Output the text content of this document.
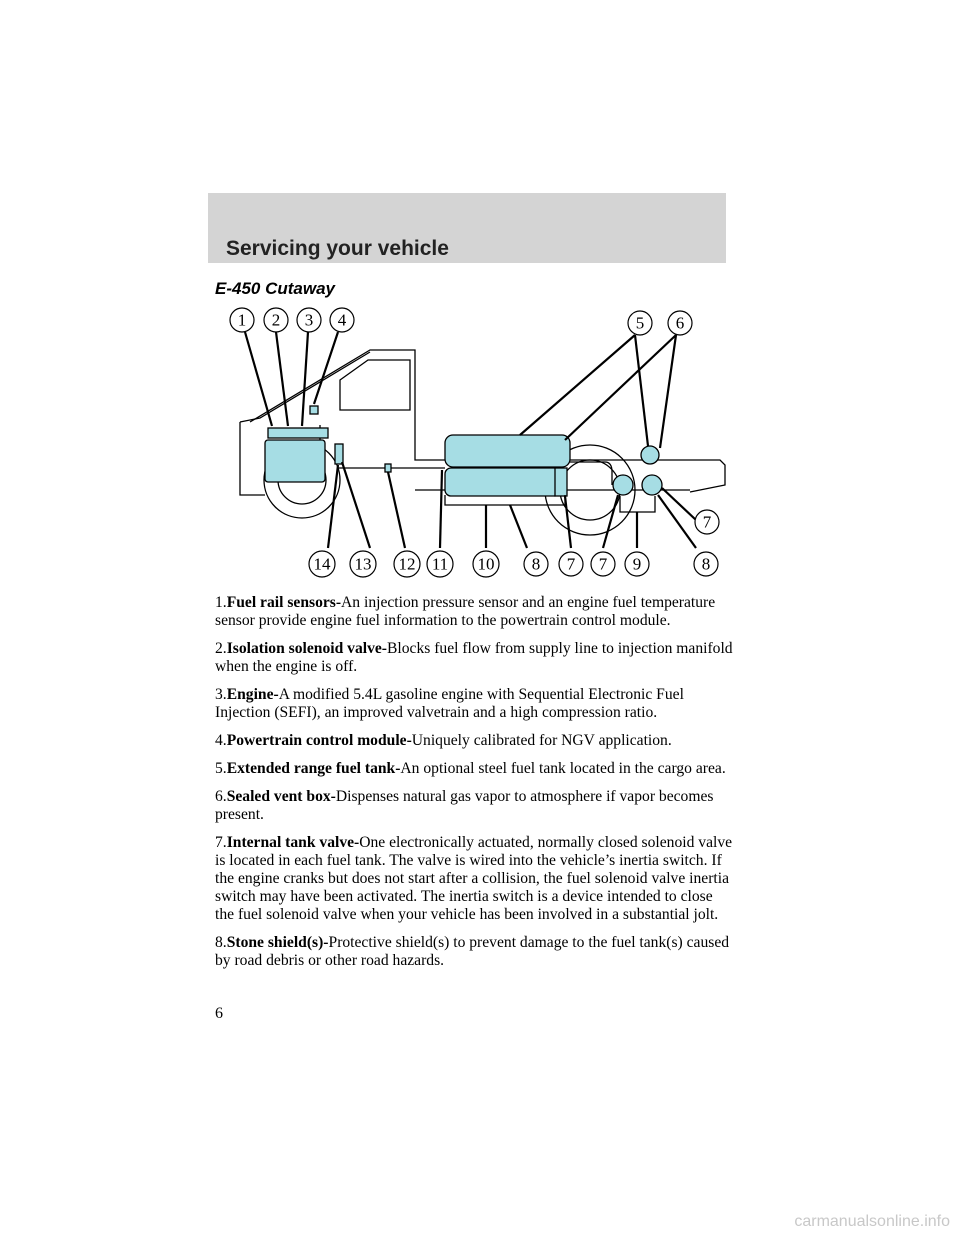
Servicing your vehicle
E-450 Cutaway
1 2 3 4	5 6
14 13 12 11 10 8 7 7 9	8
7

1.Fuel rail sensors-An injection pressure sensor and an engine fuel temperature sensor provide engine fuel information to the powertrain control module.

2.Isolation solenoid valve-Blocks fuel flow from supply line to injection manifold when the engine is off.

3.Engine-A modified 5.4L gasoline engine with Sequential Electronic Fuel Injection (SEFI), an improved valvetrain and a high compression ratio.

4.Powertrain control module-Uniquely calibrated for NGV application.

5.Extended range fuel tank-An optional steel fuel tank located in the cargo area.

6.Sealed vent box-Dispenses natural gas vapor to atmosphere if vapor becomes present.

7.Internal tank valve-One electronically actuated, normally closed solenoid valve is located in each fuel tank. The valve is wired into the vehicle’s inertia switch. If the engine cranks but does not start after a collision, the fuel solenoid valve inertia switch may have been activated. The inertia switch is a device intended to close the fuel solenoid valve when your vehicle has been involved in a substantial jolt.

8.Stone shield(s)-Protective shield(s) to prevent damage to the fuel tank(s) caused by road debris or other road hazards.

6
carmanualsonline.info
